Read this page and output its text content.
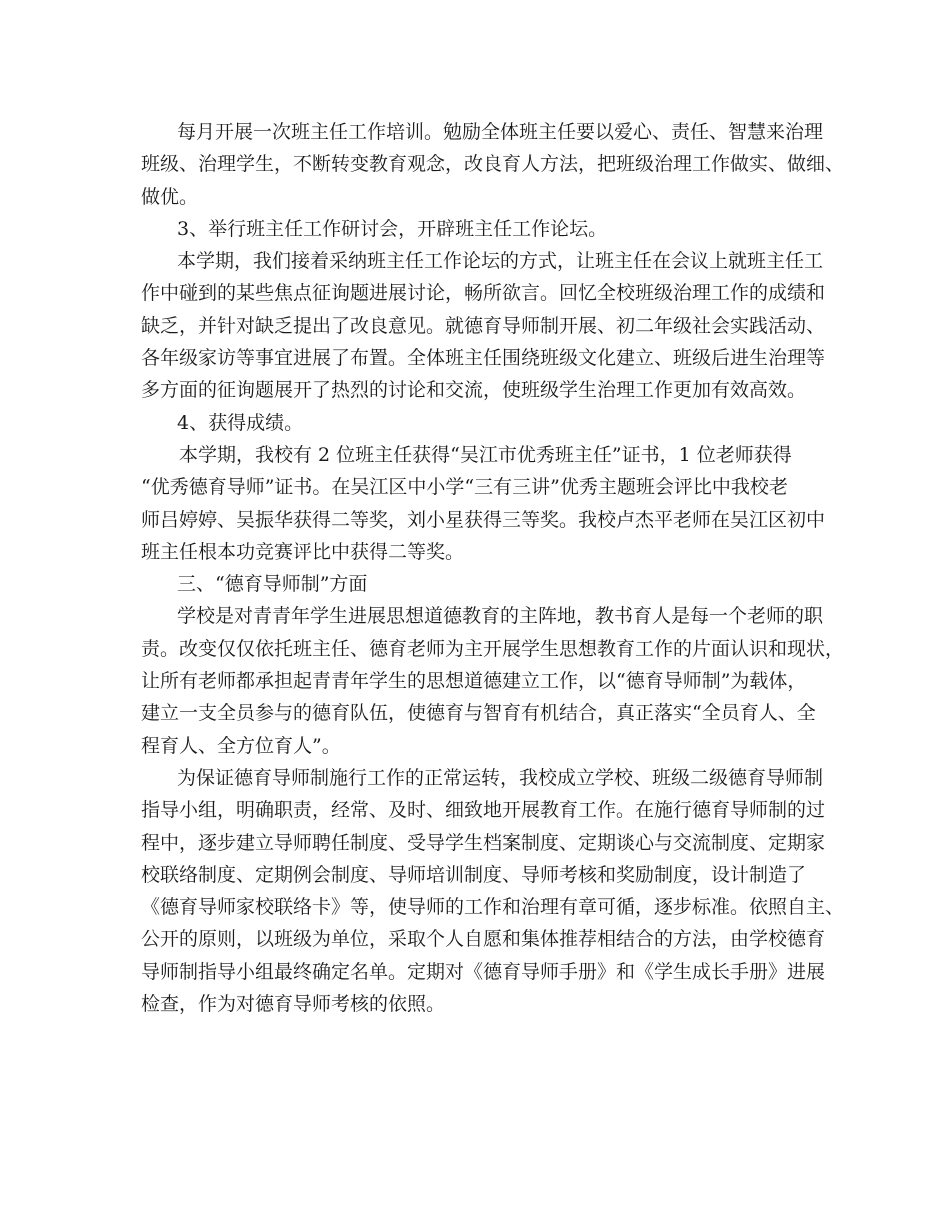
每月开展一次班主任工作培训。勉励全体班主任要以爱心、责任、智慧来治理
班级、治理学生，不断转变教育观念，改良育人方法，把班级治理工作做实、做细、
做优。
3、举行班主任工作研讨会，开辟班主任工作论坛。
本学期，我们接着采纳班主任工作论坛的方式，让班主任在会议上就班主任工
作中碰到的某些焦点征询题进展讨论，畅所欲言。回忆全校班级治理工作的成绩和
缺乏，并针对缺乏提出了改良意见。就德育导师制开展、初二年级社会实践活动、
各年级家访等事宜进展了布置。全体班主任围绕班级文化建立、班级后进生治理等
多方面的征询题展开了热烈的讨论和交流，使班级学生治理工作更加有效高效。
4、获得成绩。
本学期，我校有 2 位班主任获得“吴江市优秀班主任”证书，1 位老师获得
“优秀德育导师”证书。在吴江区中小学“三有三讲”优秀主题班会评比中我校老
师吕婷婷、吴振华获得二等奖，刘小星获得三等奖。我校卢杰平老师在吴江区初中
班主任根本功竞赛评比中获得二等奖。
三、“德育导师制”方面
学校是对青青年学生进展思想道德教育的主阵地，教书育人是每一个老师的职
责。改变仅仅依托班主任、德育老师为主开展学生思想教育工作的片面认识和现状，
让所有老师都承担起青青年学生的思想道德建立工作，以“德育导师制”为载体，
建立一支全员参与的德育队伍，使德育与智育有机结合，真正落实“全员育人、全
程育人、全方位育人”。
为保证德育导师制施行工作的正常运转，我校成立学校、班级二级德育导师制
指导小组，明确职责，经常、及时、细致地开展教育工作。在施行德育导师制的过
程中，逐步建立导师聘任制度、受导学生档案制度、定期谈心与交流制度、定期家
校联络制度、定期例会制度、导师培训制度、导师考核和奖励制度，设计制造了
《德育导师家校联络卡》等，使导师的工作和治理有章可循，逐步标准。依照自主、
公开的原则，以班级为单位，采取个人自愿和集体推荐相结合的方法，由学校德育
导师制指导小组最终确定名单。定期对《德育导师手册》和《学生成长手册》进展
检查，作为对德育导师考核的依照。
